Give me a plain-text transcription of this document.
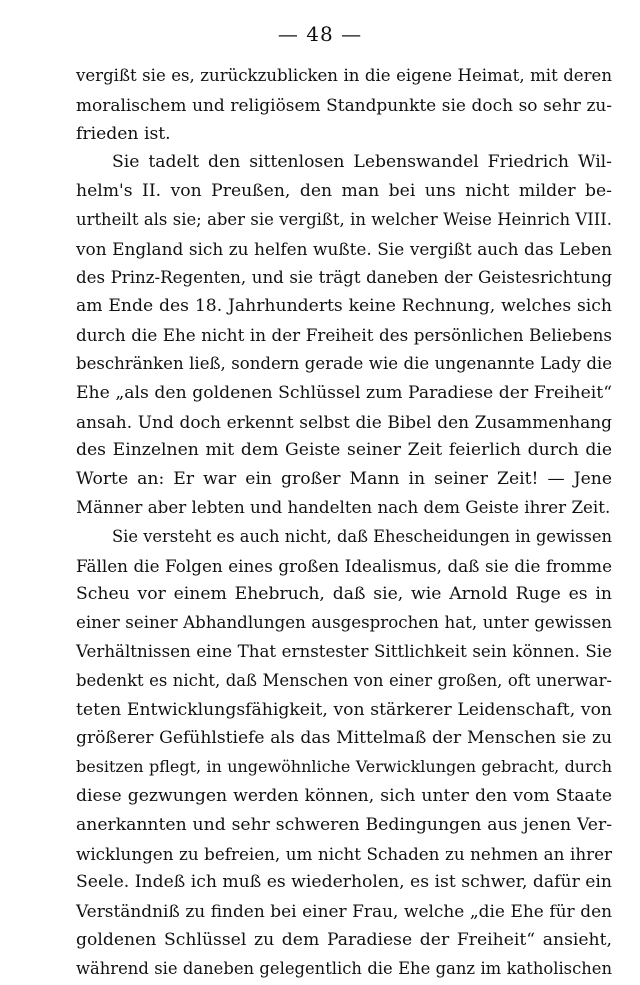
— 48 —
vergißt sie es, zurückzublicken in die eigene Heimat, mit deren
moralischem und religiösem Standpunkte sie doch so sehr zu-
frieden ist.
Sie tadelt den sittenlosen Lebenswandel Friedrich Wil-
helm's II. von Preußen, den man bei uns nicht milder be-
urtheilt als sie; aber sie vergißt, in welcher Weise Heinrich VIII.
von England sich zu helfen wußte. Sie vergißt auch das Leben
des Prinz-Regenten, und sie trägt daneben der Geistesrichtung
am Ende des 18. Jahrhunderts keine Rechnung, welches sich
durch die Ehe nicht in der Freiheit des persönlichen Beliebens
beschränken ließ, sondern gerade wie die ungenannte Lady die
Ehe „als den goldenen Schlüssel zum Paradiese der Freiheit“
ansah. Und doch erkennt selbst die Bibel den Zusammenhang
des Einzelnen mit dem Geiste seiner Zeit feierlich durch die
Worte an: Er war ein großer Mann in seiner Zeit! — Jene
Männer aber lebten und handelten nach dem Geiste ihrer Zeit.
Sie versteht es auch nicht, daß Ehescheidungen in gewissen
Fällen die Folgen eines großen Idealismus, daß sie die fromme
Scheu vor einem Ehebruch, daß sie, wie Arnold Ruge es in
einer seiner Abhandlungen ausgesprochen hat, unter gewissen
Verhältnissen eine That ernstester Sittlichkeit sein können. Sie
bedenkt es nicht, daß Menschen von einer großen, oft unerwar-
teten Entwicklungsfähigkeit, von stärkerer Leidenschaft, von
größerer Gefühlstiefe als das Mittelmaß der Menschen sie zu
besitzen pflegt, in ungewöhnliche Verwicklungen gebracht, durch
diese gezwungen werden können, sich unter den vom Staate
anerkannten und sehr schweren Bedingungen aus jenen Ver-
wicklungen zu befreien, um nicht Schaden zu nehmen an ihrer
Seele. Indeß ich muß es wiederholen, es ist schwer, dafür ein
Verständniß zu finden bei einer Frau, welche „die Ehe für den
goldenen Schlüssel zu dem Paradiese der Freiheit“ ansieht,
während sie daneben gelegentlich die Ehe ganz im katholischen
